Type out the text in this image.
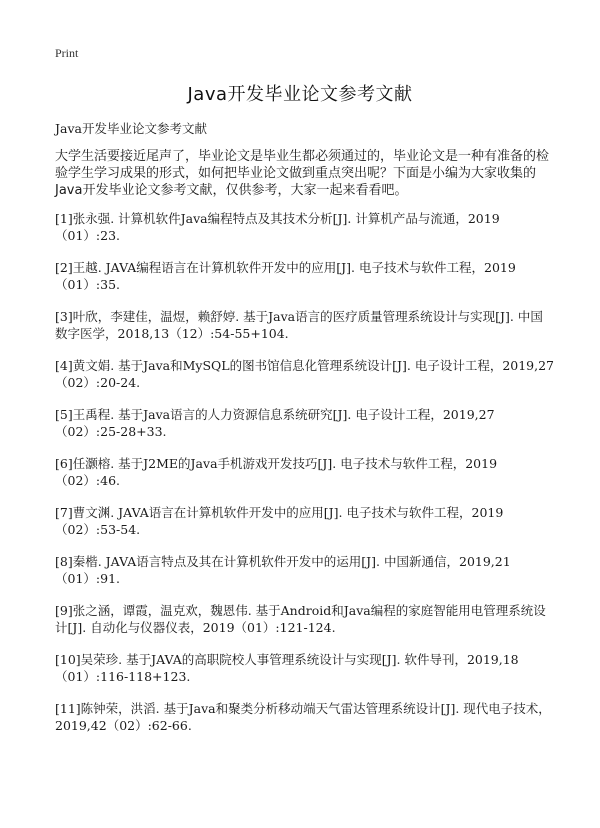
Print
Java开发毕业论文参考文献

Java开发毕业论文参考文献

大学生活要接近尾声了，毕业论文是毕业生都必须通过的，毕业论文是一种有准备的检验学生学习成果的形式，如何把毕业论文做到重点突出呢？下面是小编为大家收集的Java开发毕业论文参考文献，仅供参考，大家一起来看看吧。

[1]张永强. 计算机软件Java编程特点及其技术分析[J]. 计算机产品与流通，2019（01）:23.
[2]王越. JAVA编程语言在计算机软件开发中的应用[J]. 电子技术与软件工程，2019（01）:35.
[3]叶欣，李建佳，温煜，赖舒婷. 基于Java语言的医疗质量管理系统设计与实现[J]. 中国数字医学，2018,13（12）:54-55+104.
[4]黄文娟. 基于Java和MySQL的图书馆信息化管理系统设计[J]. 电子设计工程，2019,27（02）:20-24.
[5]王禹程. 基于Java语言的人力资源信息系统研究[J]. 电子设计工程，2019,27（02）:25-28+33.
[6]任灏榕. 基于J2ME的Java手机游戏开发技巧[J]. 电子技术与软件工程，2019（02）:46.
[7]曹文渊. JAVA语言在计算机软件开发中的应用[J]. 电子技术与软件工程，2019（02）:53-54.
[8]秦楷. JAVA语言特点及其在计算机软件开发中的运用[J]. 中国新通信，2019,21（01）:91.
[9]张之涵，谭霞，温克欢，魏恩伟. 基于Android和Java编程的家庭智能用电管理系统设计[J]. 自动化与仪器仪表，2019（01）:121-124.
[10]吴荣珍. 基于JAVA的高职院校人事管理系统设计与实现[J]. 软件导刊，2019,18（01）:116-118+123.
[11]陈钟荣，洪滔. 基于Java和聚类分析移动端天气雷达管理系统设计[J]. 现代电子技术，2019,42（02）:62-66.
